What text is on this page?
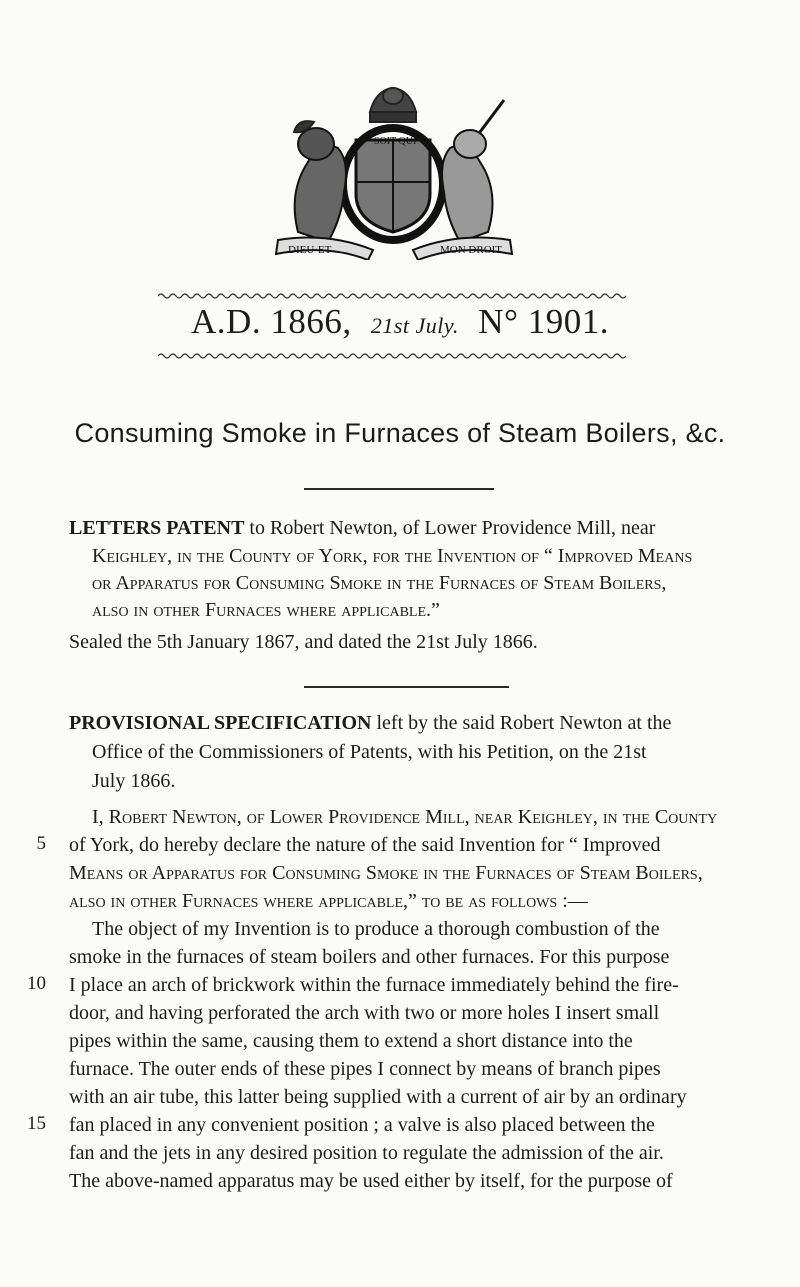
DIEU·ET	MON DROIT
SOIT QUI
A.D. 1866, 21st July. N° 1901.
Consuming Smoke in Furnaces of Steam Boilers, &c.
LETTERS PATENT to Robert Newton, of Lower Providence Mill, near
Keighley, in the County of York, for the Invention of “ Improved Means
or Apparatus for Consuming Smoke in the Furnaces of Steam Boilers,
also in other Furnaces where applicable.”
Sealed the 5th January 1867, and dated the 21st July 1866.
PROVISIONAL SPECIFICATION left by the said Robert Newton at the
Office of the Commissioners of Patents, with his Petition, on the 21st
July 1866.
I, Robert Newton, of Lower Providence Mill, near Keighley, in the County
of York, do hereby declare the nature of the said Invention for “ Improved
Means or Apparatus for Consuming Smoke in the Furnaces of Steam Boilers,
also in other Furnaces where applicable,” to be as follows :—
The object of my Invention is to produce a thorough combustion of the
smoke in the furnaces of steam boilers and other furnaces. For this purpose
I place an arch of brickwork within the furnace immediately behind the fire-
door, and having perforated the arch with two or more holes I insert small
pipes within the same, causing them to extend a short distance into the
furnace. The outer ends of these pipes I connect by means of branch pipes
with an air tube, this latter being supplied with a current of air by an ordinary
fan placed in any convenient position ; a valve is also placed between the
fan and the jets in any desired position to regulate the admission of the air.
The above-named apparatus may be used either by itself, for the purpose of
5
10
15
